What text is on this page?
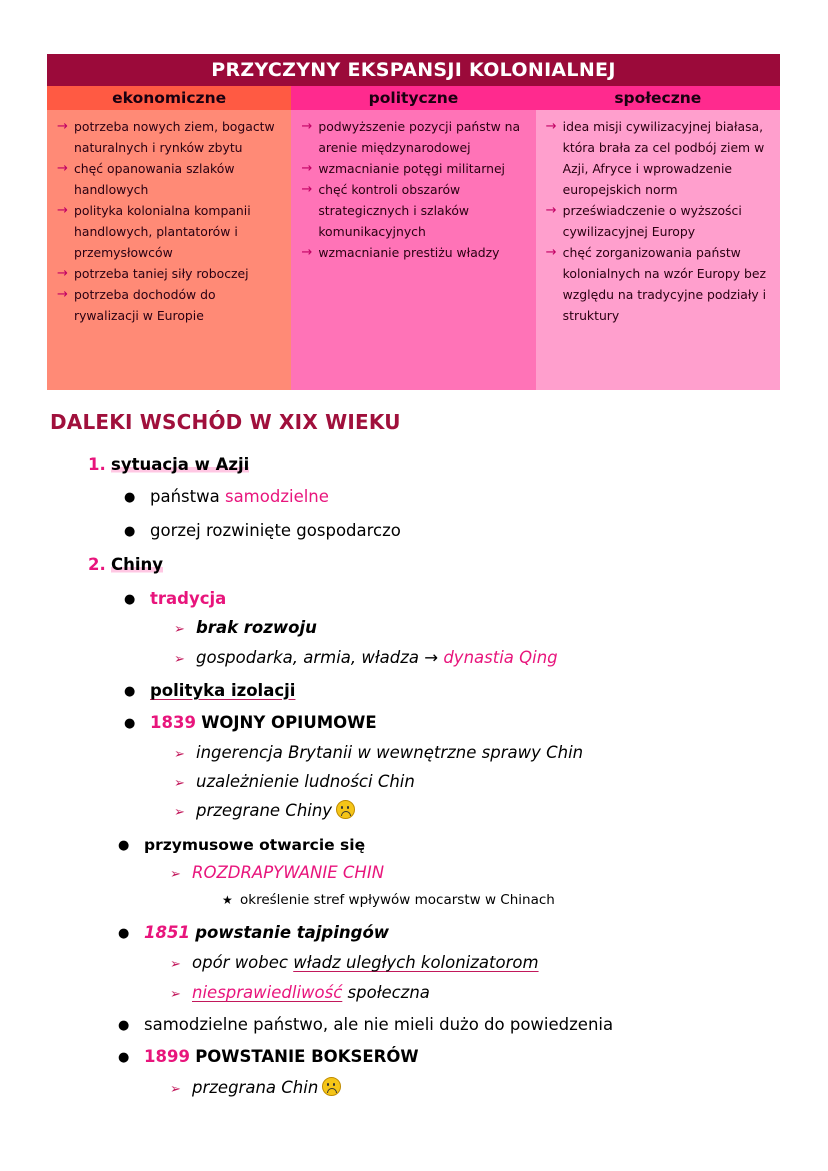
PRZYCZYNY EKSPANSJI KOLONIALNEJ
ekonomiczne
→ potrzeba nowych ziem, bogactw naturalnych i rynków zbytu
→ chęć opanowania szlaków handlowych
→ polityka kolonialna kompanii handlowych, plantatorów i przemysłowców
→ potrzeba taniej siły roboczej
→ potrzeba dochodów do rywalizacji w Europie
polityczne
→ podwyższenie pozycji państw na arenie międzynarodowej
→ wzmacnianie potęgi militarnej
→ chęć kontroli obszarów strategicznych i szlaków komunikacyjnych
→ wzmacnianie prestiżu władzy
społeczne
→ idea misji cywilizacyjnej białasa, która brała za cel podbój ziem w Azji, Afryce i wprowadzenie europejskich norm
→ przeświadczenie o wyższości cywilizacyjnej Europy
→ chęć zorganizowania państw kolonialnych na wzór Europy bez względu na tradycyjne podziały i struktury
DALEKI WSCHÓD W XIX WIEKU
1. sytuacja w Azji
● państwa samodzielne
● gorzej rozwinięte gospodarczo
2. Chiny
● tradycja
➢ brak rozwoju
➢ gospodarka, armia, władza → dynastia Qing
● polityka izolacji
● 1839 WOJNY OPIUMOWE
➢ ingerencja Brytanii w wewnętrzne sprawy Chin
➢ uzależnienie ludności Chin
➢ przegrane Chiny
● przymusowe otwarcie się
➢ ROZDRAPYWANIE CHIN
★ określenie stref wpływów mocarstw w Chinach
● 1851 powstanie tajpingów
➢ opór wobec władz uległych kolonizatorom
➢ niesprawiedliwość społeczna
● samodzielne państwo, ale nie mieli dużo do powiedzenia
● 1899 POWSTANIE BOKSERÓW
➢ przegrana Chin
